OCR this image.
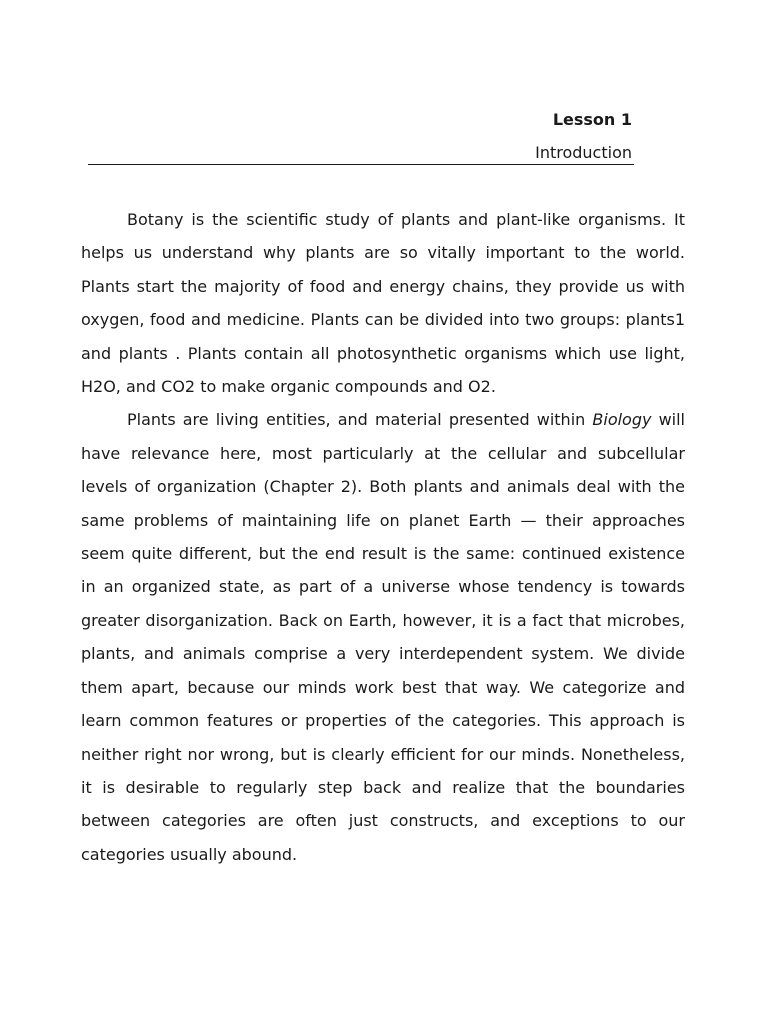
Lesson 1
Introduction

Botany is the scientific study of plants and plant-like organisms. It helps us understand why plants are so vitally important to the world. Plants start the majority of food and energy chains, they provide us with oxygen, food and medicine. Plants can be divided into two groups: plants1 and plants . Plants contain all photosynthetic organisms which use light, H2O, and CO2 to make organic compounds and O2.

Plants are living entities, and material presented within Biology will have relevance here, most particularly at the cellular and subcellular levels of organization (Chapter 2). Both plants and animals deal with the same problems of maintaining life on planet Earth — their approaches seem quite different, but the end result is the same: continued existence in an organized state, as part of a universe whose tendency is towards greater disorganization. Back on Earth, however, it is a fact that microbes, plants, and animals comprise a very interdependent system. We divide them apart, because our minds work best that way. We categorize and learn common features or properties of the categories. This approach is neither right nor wrong, but is clearly efficient for our minds. Nonetheless, it is desirable to regularly step back and realize that the boundaries between categories are often just constructs, and exceptions to our categories usually abound.
